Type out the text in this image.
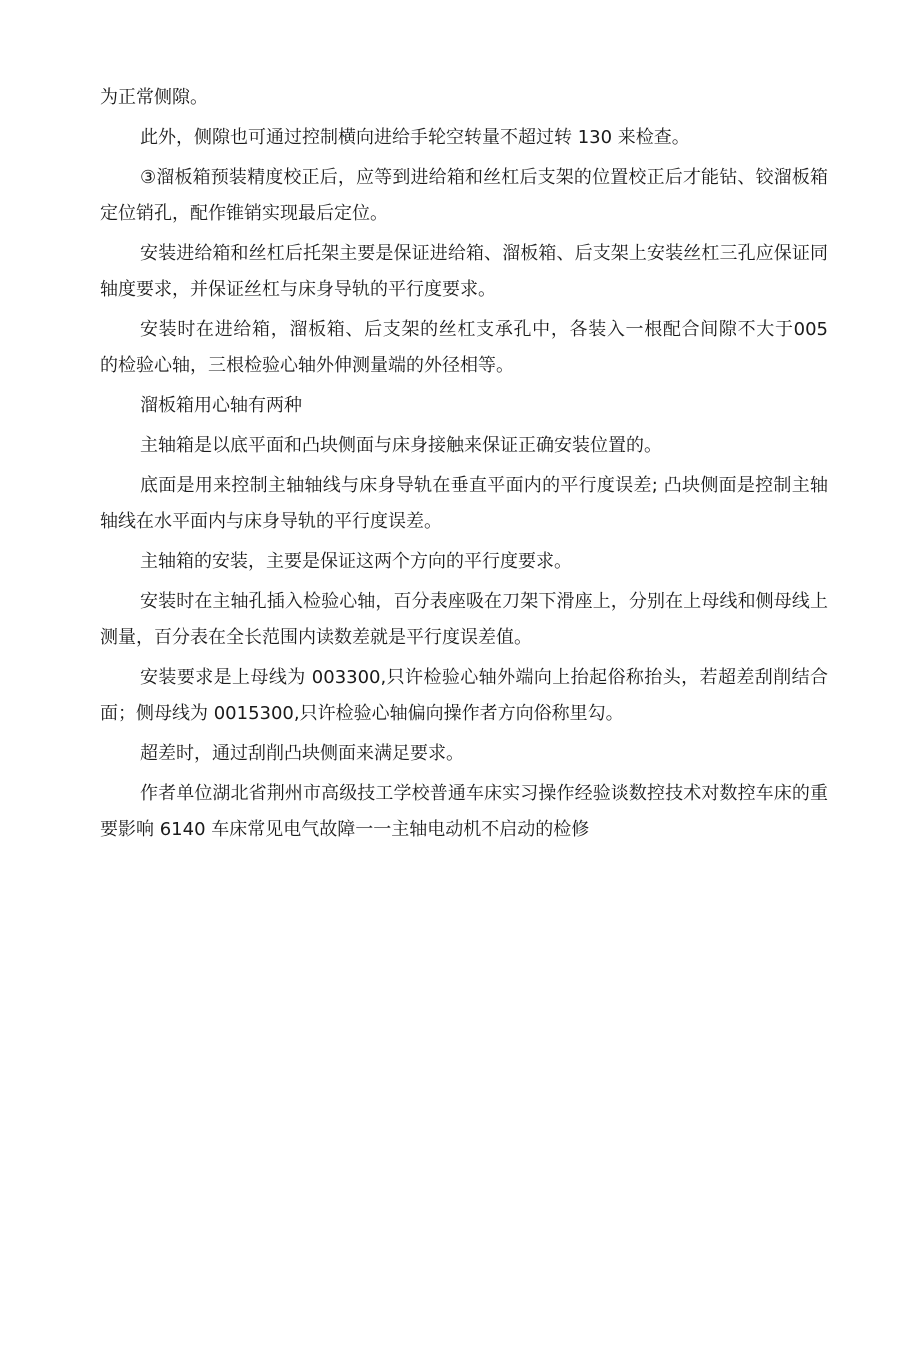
为正常侧隙。

此外，侧隙也可通过控制横向进给手轮空转量不超过转 130 来检查。

③溜板箱预装精度校正后，应等到进给箱和丝杠后支架的位置校正后才能钻、铰溜板箱定位销孔，配作锥销实现最后定位。

安装进给箱和丝杠后托架主要是保证进给箱、溜板箱、后支架上安装丝杠三孔应保证同轴度要求，并保证丝杠与床身导轨的平行度要求。

安装时在进给箱，溜板箱、后支架的丝杠支承孔中，各装入一根配合间隙不大于005 的检验心轴，三根检验心轴外伸测量端的外径相等。

溜板箱用心轴有两种

主轴箱是以底平面和凸块侧面与床身接触来保证正确安装位置的。

底面是用来控制主轴轴线与床身导轨在垂直平面内的平行度误差; 凸块侧面是控制主轴轴线在水平面内与床身导轨的平行度误差。

主轴箱的安装，主要是保证这两个方向的平行度要求。

安装时在主轴孔插入检验心轴，百分表座吸在刀架下滑座上，分别在上母线和侧母线上测量，百分表在全长范围内读数差就是平行度误差值。

安装要求是上母线为 003300,只许检验心轴外端向上抬起俗称抬头，若超差刮削结合面；侧母线为 0015300,只许检验心轴偏向操作者方向俗称里勾。

超差时，通过刮削凸块侧面来满足要求。

作者单位湖北省荆州市高级技工学校普通车床实习操作经验谈数控技术对数控车床的重要影响 6140 车床常见电气故障一一主轴电动机不启动的检修
